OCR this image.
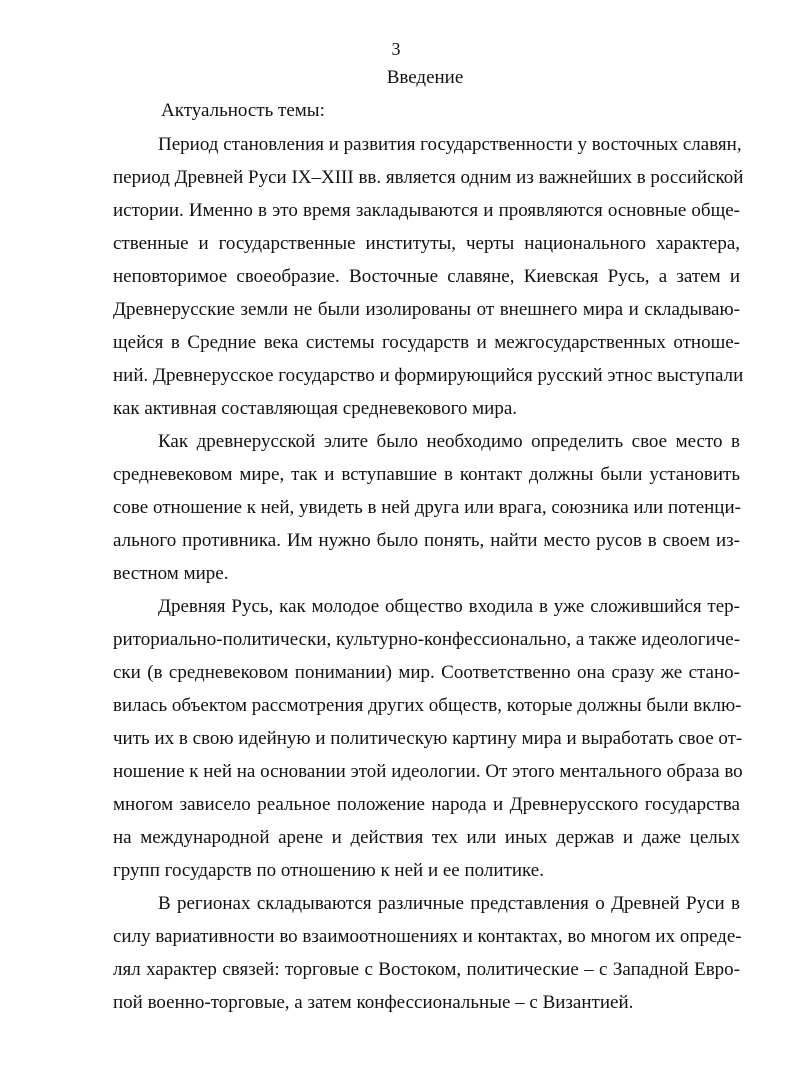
3
Введение
Актуальность темы:
Период становления и развития государственности у восточных славян,
период Древней Руси IX–XIII вв. является одним из важнейших в российской
истории. Именно в это время закладываются и проявляются основные обще-
ственные и государственные институты, черты национального характера,
неповторимое своеобразие. Восточные славяне, Киевская Русь, а затем и
Древнерусские земли не были изолированы от внешнего мира и складываю-
щейся в Средние века системы государств и межгосударственных отноше-
ний. Древнерусское государство и формирующийся русский этнос выступали
как активная составляющая средневекового мира.
Как древнерусской элите было необходимо определить свое место в
средневековом мире, так и вступавшие в контакт должны были установить
сове отношение к ней, увидеть в ней друга или врага, союзника или потенци-
ального противника. Им нужно было понять, найти место русов в своем из-
вестном мире.
Древняя Русь, как молодое общество входила в уже сложившийся тер-
риториально-политически, культурно-конфессионально, а также идеологиче-
ски (в средневековом понимании) мир. Соответственно она сразу же стано-
вилась объектом рассмотрения других обществ, которые должны были вклю-
чить их в свою идейную и политическую картину мира и выработать свое от-
ношение к ней на основании этой идеологии. От этого ментального образа во
многом зависело реальное положение народа и Древнерусского государства
на международной арене и действия тех или иных держав и даже целых
групп государств по отношению к ней и ее политике.
В регионах складываются различные представления о Древней Руси в
силу вариативности во взаимоотношениях и контактах, во многом их опреде-
лял характер связей: торговые с Востоком, политические – с Западной Евро-
пой военно-торговые, а затем конфессиональные – с Византией.
